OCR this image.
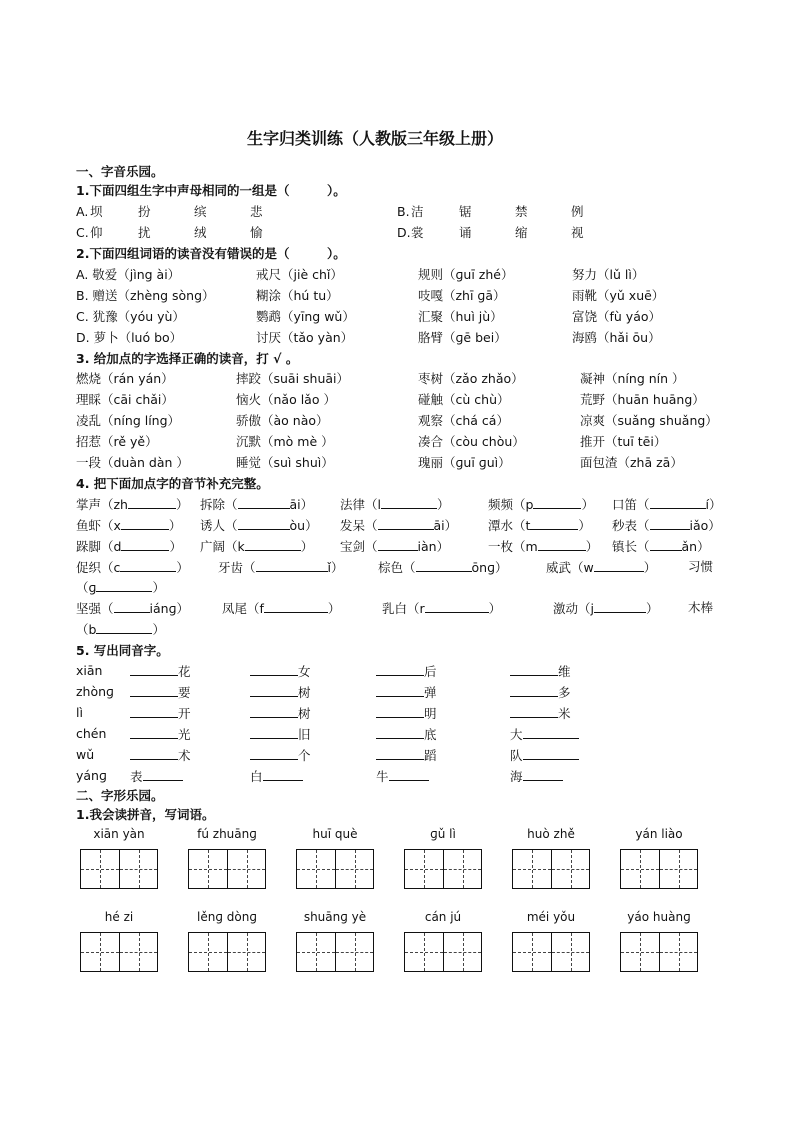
生字归类训练（人教版三年级上册）
一、字音乐园。
1.下面四组生字中声母相同的一组是（　　　）。
A. 坝	扮	缤	悲	B. 洁	锯	禁	例
C. 仰	扰	绒	愉	D. 裳	诵	缩	视
2.下面四组词语的读音没有错误的是（　　　）。
A. 敬爱（jìng ài）	戒尺（jiè chǐ）	规则（ɡuī zhé）	努力（lǔ lì）
B. 赠送（zhèng sòng）	糊涂（hú tu）	吱嘎（zhī ɡā）	雨靴（yǔ xuē）
C. 犹豫（yóu yù）	鹦鹉（yīng wǔ）	汇聚（huì jù）	富饶（fù yáo）
D. 萝卜（luó bo）	讨厌（tǎo yàn）	胳臂（ɡē bei）	海鸥（hǎi ōu）
3. 给加点的字选择正确的读音，打 √ 。
燃烧（rán yán）	摔跤（suāi shuāi）	枣树（zǎo zhǎo）	凝神（níng nín ）
理睬（cāi chǎi）	恼火（nǎo lǎo ）	碰触（cù chù）	荒野（huān huāng）
凌乱（níng líng）	骄傲（ào nào）	观察（chá cá）	凉爽（suǎng shuǎng）
招惹（rě yě）	沉默（mò mè ）	凑合（còu chòu）	推开（tuī tēi）
一段（duàn dàn ）	睡觉（suì shuì）	瑰丽（ɡuī ɡuì）	面包渣（zhā zā）
4. 把下面加点字的音节补充完整。
掌声（zh	） 拆除（	āi） 法律（l	）	频频（p	） 口笛（	í）
鱼虾（x	） 诱人（	òu） 发呆（	āi） 潭水（t	） 秒表（	iǎo）
跺脚（d	） 广阔（k	） 宝剑（	iàn）	一枚（m	） 镇长（	ǎn）
促织（c	） 牙齿（	ǐ）	棕色（	ōnɡ）	威武（w	）	习惯
（ɡ	）
坚强（	iánɡ）	凤尾（f	）	乳白（r	）	激动（j	） 木棒
（b	）
5. 写出同音字。
xiān	花	女	后	维
zhònɡ	要	树	弹	多
lì	开	树	明	米
chén	光	旧	底	大
wǔ	术	个	蹈	队
yánɡ 表	白	牛	海
二、字形乐园。
1.我会读拼音，写词语。
xiān yàn	fú zhuānɡ	huī què	ɡǔ lì	huò zhě	yán liào
hé zi	lěnɡ dònɡ	shuānɡ yè	cán jú	méi yǒu	yáo huànɡ
